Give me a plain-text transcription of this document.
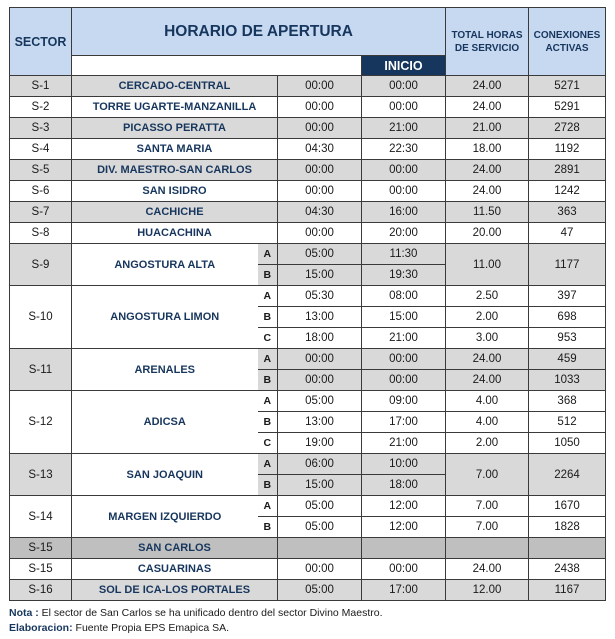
SECTOR	HORARIO DE APERTURA				TOTAL HORAS DE SERVICIO	CONEXIONES ACTIVAS	
				INICIO	
S-1	CERCADO-CENTRAL		00:00	00:00	24.00	5271	
S-2	TORRE UGARTE-MANZANILLA		00:00	00:00	24.00	5291	
S-3	PICASSO PERATTA		00:00	21:00	21.00	2728	
S-4	SANTA MARIA		04:30	22:30	18.00	1192	
S-5	DIV. MAESTRO-SAN CARLOS		00:00	00:00	24.00	2891	
S-6	SAN ISIDRO		00:00	00:00	24.00	1242	
S-7	CACHICHE		04:30	16:00	11.50	363	
S-8	HUACACHINA		00:00	20:00	20.00	47	
S-9	ANGOSTURA ALTA	A	05:00	11:30	11.00	1177	
		B	15:00	19:30			
S-10	ANGOSTURA LIMON	A	05:30	08:00	2.50	397	
		B	13:00	15:00	2.00	698	
		C	18:00	21:00	3.00	953	
S-11	ARENALES	A	00:00	00:00	24.00	459	
		B	00:00	00:00	24.00	1033	
S-12	ADICSA	A	05:00	09:00	4.00	368	
		B	13:00	17:00	4.00	512	
		C	19:00	21:00	2.00	1050	
S-13	SAN JOAQUIN	A	06:00	10:00	7.00	2264	
		B	15:00	18:00			
S-14	MARGEN IZQUIERDO	A	05:00	12:00	7.00	1670	
		B	05:00	12:00	7.00	1828	
S-15	SAN CARLOS						
S-15	CASUARINAS		00:00	00:00	24.00	2438	
S-16	SOL DE ICA-LOS PORTALES		05:00	17:00	12.00	1167	
Nota : El sector de San Carlos se ha unificado dentro del sector Divino Maestro.
Elaboracion: Fuente Propia EPS Emapica SA.
